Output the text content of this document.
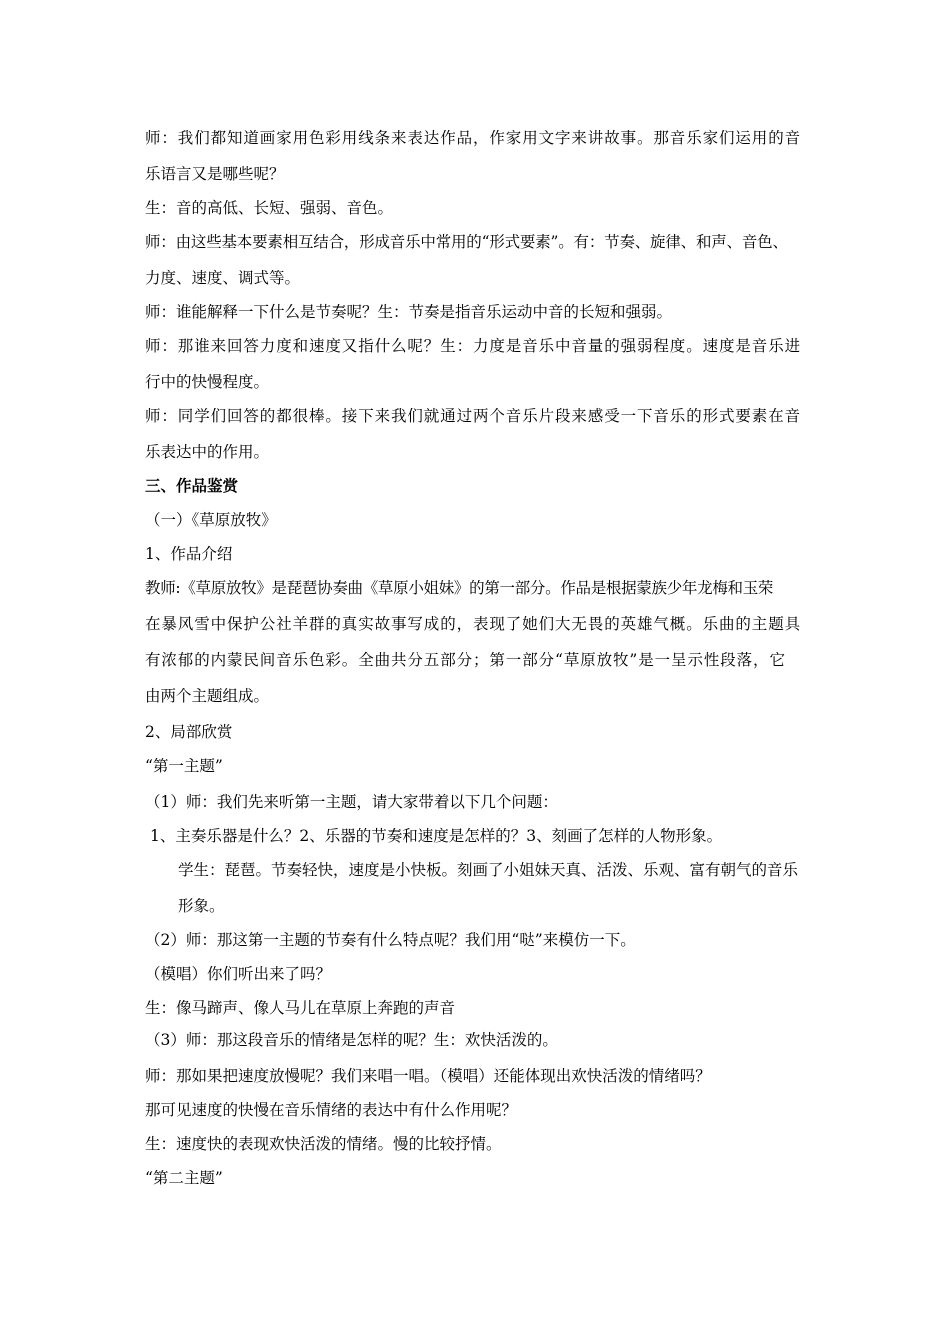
师：我们都知道画家用色彩用线条来表达作品，作家用文字来讲故事。那音乐家们运用的音
乐语言又是哪些呢？
生：音的高低、长短、强弱、音色。
师：由这些基本要素相互结合，形成音乐中常用的“形式要素”。有：节奏、旋律、和声、音色、
力度、速度、调式等。
师：谁能解释一下什么是节奏呢？生：节奏是指音乐运动中音的长短和强弱。
师：那谁来回答力度和速度又指什么呢？生：力度是音乐中音量的强弱程度。速度是音乐进
行中的快慢程度。
师：同学们回答的都很棒。接下来我们就通过两个音乐片段来感受一下音乐的形式要素在音
乐表达中的作用。
三、作品鉴赏
（一）《草原放牧》
1、作品介绍
教师:《草原放牧》是琵琶协奏曲《草原小姐妹》的第一部分。作品是根据蒙族少年龙梅和玉荣
在暴风雪中保护公社羊群的真实故事写成的，表现了她们大无畏的英雄气概。乐曲的主题具
有浓郁的内蒙民间音乐色彩。全曲共分五部分；第一部分“草原放牧”是一呈示性段落，它
由两个主题组成。
2、局部欣赏
“第一主题”
（1）师：我们先来听第一主题，请大家带着以下几个问题：
1、主奏乐器是什么？2、乐器的节奏和速度是怎样的？3、刻画了怎样的人物形象。
学生：琵琶。节奏轻快，速度是小快板。刻画了小姐妹天真、活泼、乐观、富有朝气的音乐
形象。
（2）师：那这第一主题的节奏有什么特点呢？我们用“哒”来模仿一下。
（模唱）你们听出来了吗？
生：像马蹄声、像人马儿在草原上奔跑的声音
（3）师：那这段音乐的情绪是怎样的呢？生：欢快活泼的。
师：那如果把速度放慢呢？我们来唱一唱。（模唱）还能体现出欢快活泼的情绪吗？
那可见速度的快慢在音乐情绪的表达中有什么作用呢？
生：速度快的表现欢快活泼的情绪。慢的比较抒情。
“第二主题”
